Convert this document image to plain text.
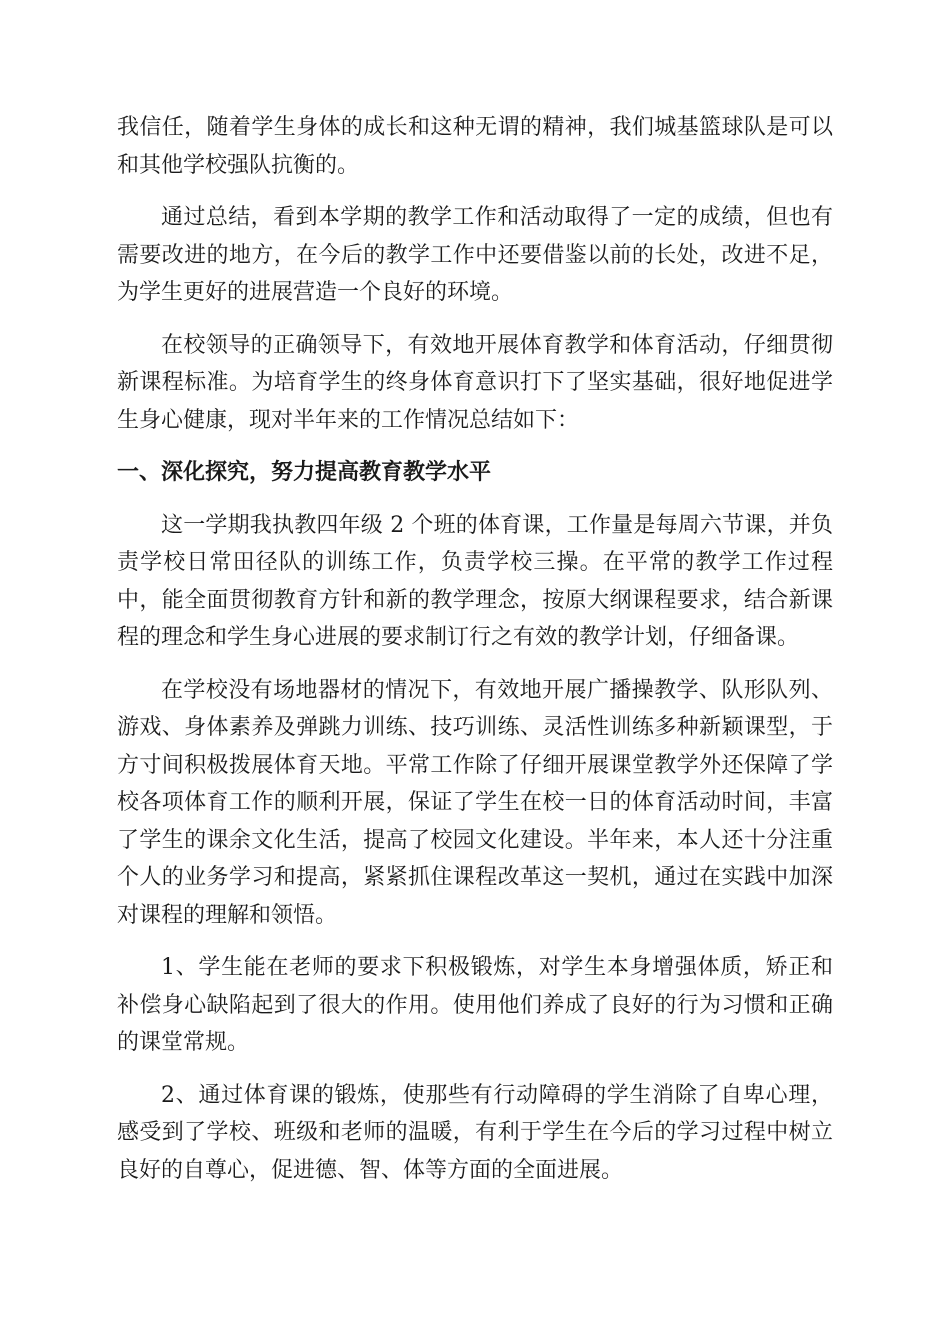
我信任，随着学生身体的成长和这种无谓的精神，我们城基篮球队是可以和其他学校强队抗衡的。

通过总结，看到本学期的教学工作和活动取得了一定的成绩，但也有需要改进的地方，在今后的教学工作中还要借鉴以前的长处，改进不足，为学生更好的进展营造一个良好的环境。

在校领导的正确领导下，有效地开展体育教学和体育活动，仔细贯彻新课程标准。为培育学生的终身体育意识打下了坚实基础，很好地促进学生身心健康，现对半年来的工作情况总结如下：

一、深化探究，努力提高教育教学水平

这一学期我执教四年级 2 个班的体育课，工作量是每周六节课，并负责学校日常田径队的训练工作，负责学校三操。在平常的教学工作过程中，能全面贯彻教育方针和新的教学理念，按原大纲课程要求，结合新课程的理念和学生身心进展的要求制订行之有效的教学计划，仔细备课。

在学校没有场地器材的情况下，有效地开展广播操教学、队形队列、游戏、身体素养及弹跳力训练、技巧训练、灵活性训练多种新颖课型，于方寸间积极拨展体育天地。平常工作除了仔细开展课堂教学外还保障了学校各项体育工作的顺利开展，保证了学生在校一日的体育活动时间，丰富了学生的课余文化生活，提高了校园文化建设。半年来，本人还十分注重个人的业务学习和提高，紧紧抓住课程改革这一契机，通过在实践中加深对课程的理解和领悟。

1、学生能在老师的要求下积极锻炼，对学生本身增强体质，矫正和补偿身心缺陷起到了很大的作用。使用他们养成了良好的行为习惯和正确的课堂常规。

2、通过体育课的锻炼，使那些有行动障碍的学生消除了自卑心理，感受到了学校、班级和老师的温暖，有利于学生在今后的学习过程中树立良好的自尊心，促进德、智、体等方面的全面进展。
